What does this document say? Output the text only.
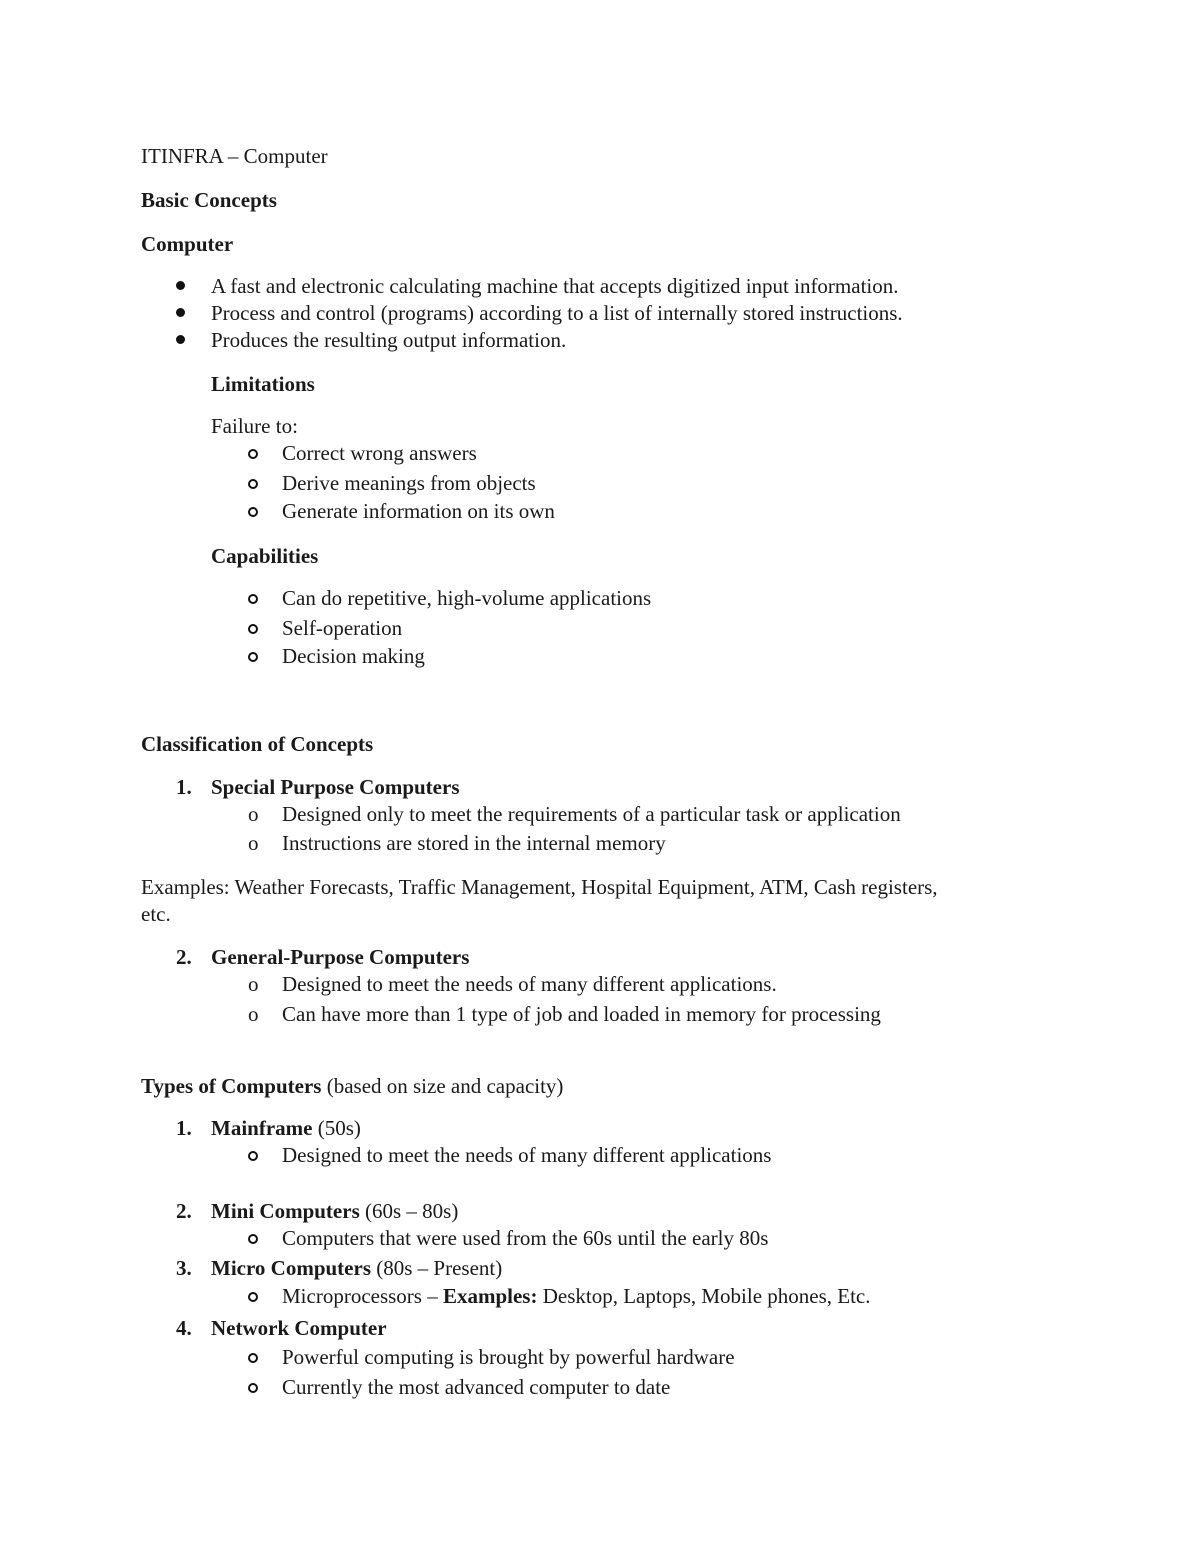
ITINFRA – Computer
Basic Concepts
Computer
A fast and electronic calculating machine that accepts digitized input information.
Process and control (programs) according to a list of internally stored instructions.
Produces the resulting output information.
Limitations
Failure to:
Correct wrong answers
Derive meanings from objects
Generate information on its own
Capabilities
Can do repetitive, high-volume applications
Self-operation
Decision making
Classification of Concepts
1. Special Purpose Computers
o Designed only to meet the requirements of a particular task or application
o Instructions are stored in the internal memory
Examples: Weather Forecasts, Traffic Management, Hospital Equipment, ATM, Cash registers,
etc.
2. General-Purpose Computers
o Designed to meet the needs of many different applications.
o Can have more than 1 type of job and loaded in memory for processing
Types of Computers (based on size and capacity)
1. Mainframe (50s)
Designed to meet the needs of many different applications
2. Mini Computers (60s – 80s)
Computers that were used from the 60s until the early 80s
3. Micro Computers (80s – Present)
Microprocessors – Examples: Desktop, Laptops, Mobile phones, Etc.
4. Network Computer
Powerful computing is brought by powerful hardware
Currently the most advanced computer to date
